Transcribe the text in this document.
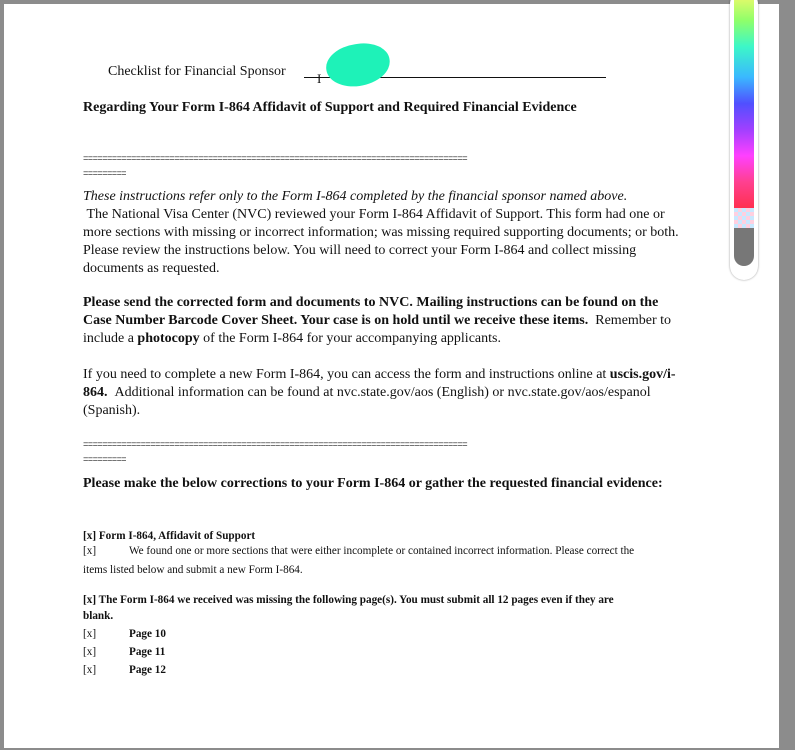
Checklist for Financial Sponsor I
Regarding Your Form I-864 Affidavit of Support and Required Financial Evidence
================================================================================
=========
These instructions refer only to the Form I-864 completed by the financial sponsor named above.
The National Visa Center (NVC) reviewed your Form I-864 Affidavit of Support. This form had one or more sections with missing or incorrect information; was missing required supporting documents; or both. Please review the instructions below. You will need to correct your Form I-864 and collect missing documents as requested.
Please send the corrected form and documents to NVC. Mailing instructions can be found on the Case Number Barcode Cover Sheet. Your case is on hold until we receive these items. Remember to include a photocopy of the Form I-864 for your accompanying applicants.
If you need to complete a new Form I-864, you can access the form and instructions online at uscis.gov/i-864. Additional information can be found at nvc.state.gov/aos (English) or nvc.state.gov/aos/espanol (Spanish).
================================================================================
=========
Please make the below corrections to your Form I-864 or gather the requested financial evidence:
[x] Form I-864, Affidavit of Support
[x]	We found one or more sections that were either incomplete or contained incorrect information. Please correct the
items listed below and submit a new Form I-864.
[x] The Form I-864 we received was missing the following page(s). You must submit all 12 pages even if they are
blank.
[x]	Page 10
[x]	Page 11
[x]	Page 12
